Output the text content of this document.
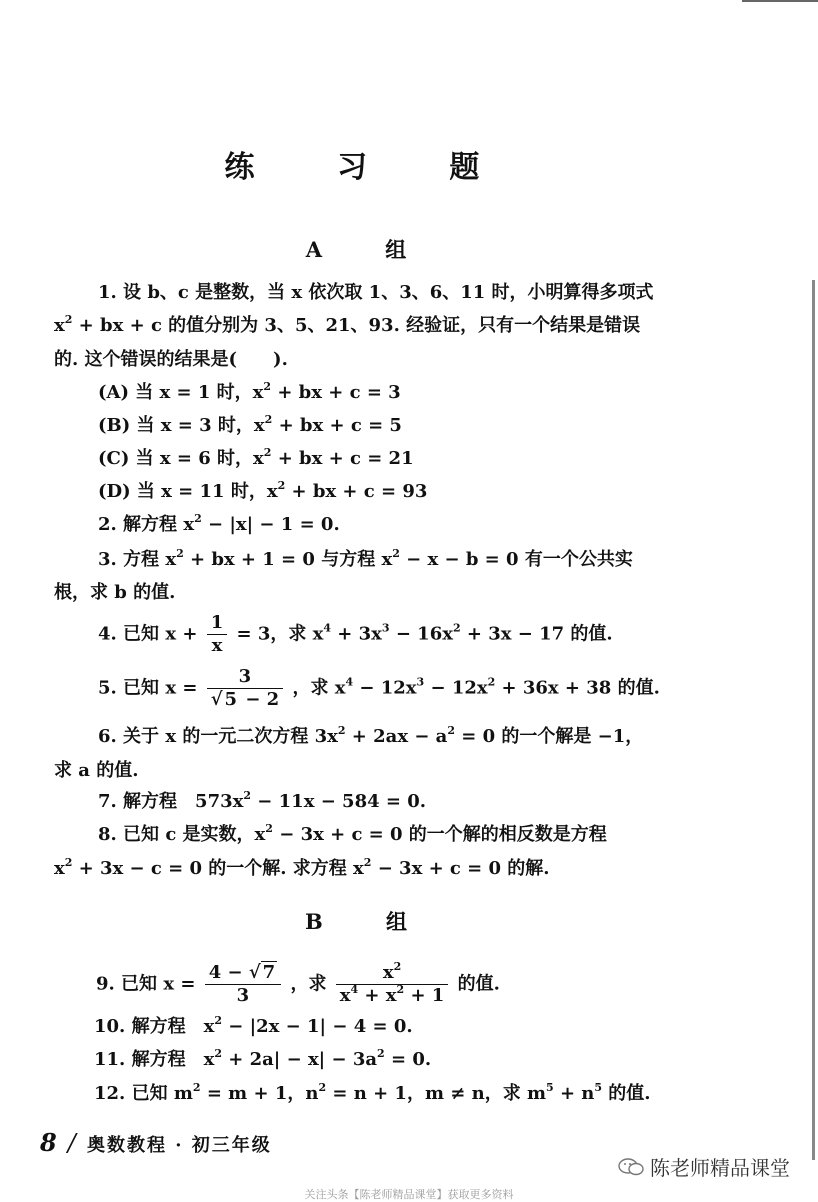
练 习 题
A 组
1. 设 b、c 是整数，当 x 依次取 1、3、6、11 时，小明算得多项式
$x^2$ + bx + c 的值分别为 3、5、21、93. 经验证，只有一个结果是错误
的. 这个错误的结果是(　　).
(A) 当 x = 1 时，$x^2$ + bx + c = 3
(B) 当 x = 3 时，$x^2$ + bx + c = 5
(C) 当 x = 6 时，$x^2$ + bx + c = 21
(D) 当 x = 11 时，$x^2$ + bx + c = 93
2. 解方程 $x^2 - |x| - 1 = 0$.
3. 方程 $x^2$ + bx + 1 = 0 与方程 $x^2 - x - b = 0$ 有一个公共实
根，求 b 的值.
4. 已知 $x + \frac{1}{x} = 3$，求 $x^4 + 3x^3 - 16x^2 + 3x - 17$ 的值.
5. 已知 $x = \frac{3}{√ 5 - 2}$ ，求 $x^4 - 12x^3 - 12x^2 + 36x + 38$ 的值.
6. 关于 x 的一元二次方程 $3x^2 + 2ax - a^2 = 0$ 的一个解是 −1，
求 a 的值.
7. 解方程　$573x^2 - 11x - 584 = 0$.
8. 已知 c 是实数，$x^2 - 3x + c = 0$ 的一个解的相反数是方程
$x^2 + 3x - c = 0$ 的一个解. 求方程 $x^2 - 3x + c = 0$ 的解.
B 组
9. 已知 $x = \frac{4 - √ 7}{3}$ ，求 $\frac{x^2}{x^4 + x^2 + 1}$ 的值.
10. 解方程　$x^2 - |2x - 1| - 4 = 0$.
11. 解方程　$x^2 + 2a| - x| - 3a^2 = 0$.
12. 已知 $m^2 = m + 1$，$n^2 = n + 1$，m ≠ n，求 $m^5 + n^5$ 的值.
8 / 奥数教程 · 初三年级
陈老师精品课堂
关注头条【陈老师精品课堂】获取更多资料
